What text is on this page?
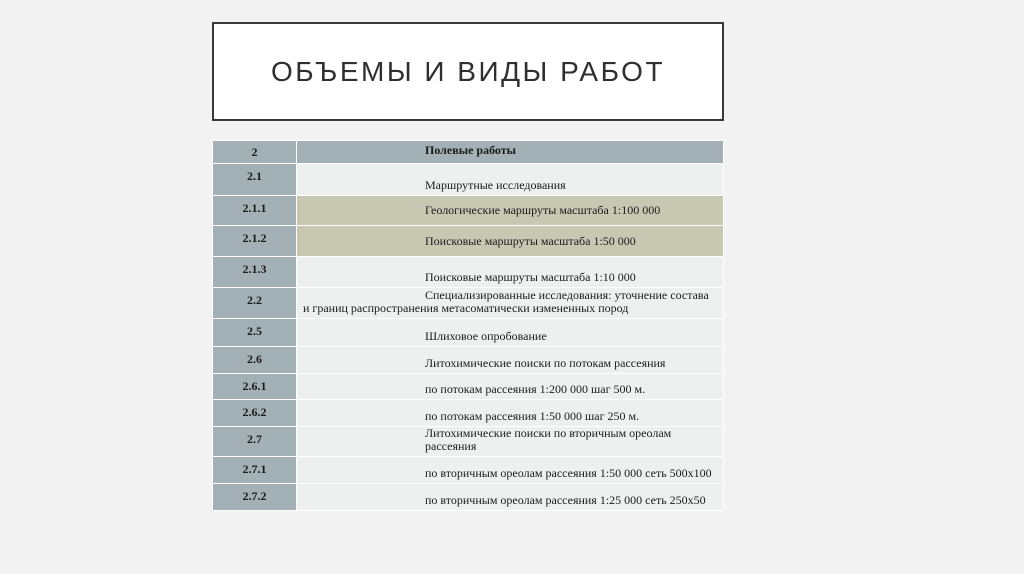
ОБЪЕМЫ И ВИДЫ РАБОТ
2	Полевые работы

2.1	Маршрутные исследования

2.1.1	Геологические маршруты масштаба 1:100 000

2.1.2	Поисковые маршруты масштаба 1:50 000

2.1.3	Поисковые маршруты масштаба 1:10 000

2.2	Специализированные исследования: уточнение состава и границ распространения метасоматически измененных пород

2.5	Шлиховое опробование

2.6	Литохимические поиски по потокам рассеяния

2.6.1	по потокам рассеяния 1:200 000 шаг 500 м.

2.6.2	по потокам рассеяния 1:50 000 шаг 250 м.

2.7	Литохимические поиски по вторичным ореолам рассеяния

2.7.1	по вторичным ореолам рассеяния 1:50 000 сеть 500х100

2.7.2	по вторичным ореолам рассеяния 1:25 000 сеть 250х50
